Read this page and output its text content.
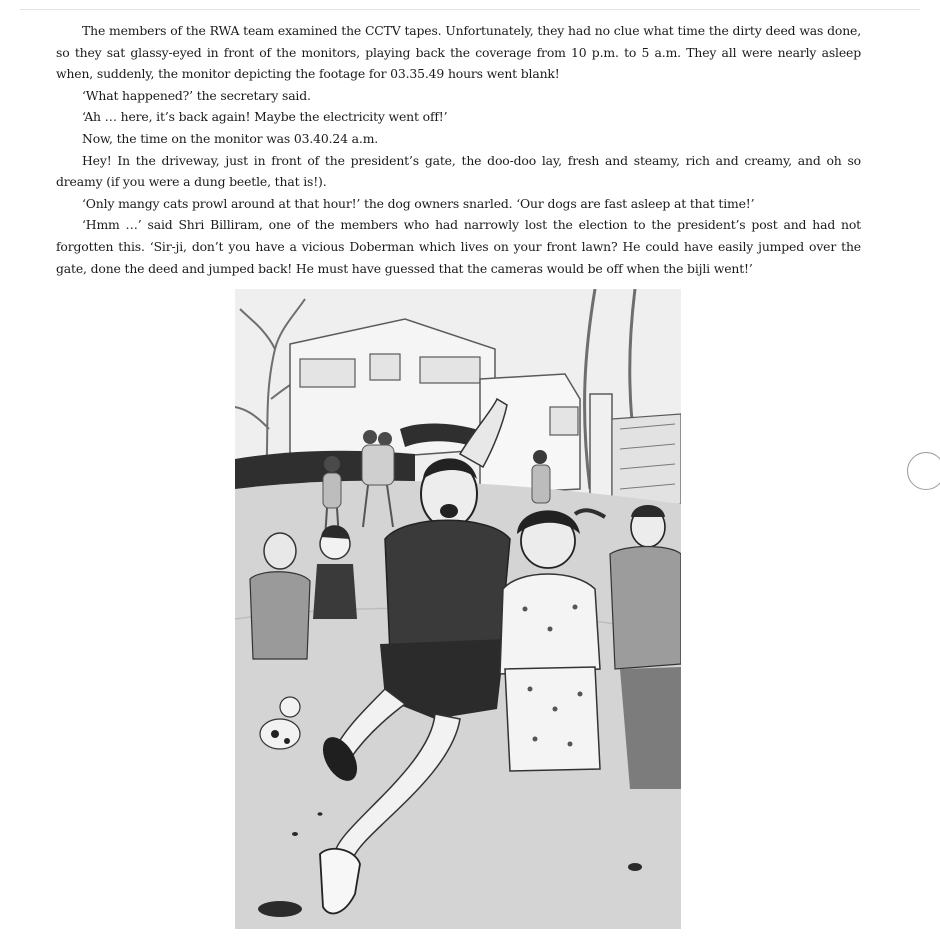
The members of the RWA team examined the CCTV tapes. Unfortunately, they had no clue what time the dirty deed was done, so they sat glassy-eyed in front of the monitors, playing back the coverage from 10 p.m. to 5 a.m. They all were nearly asleep when, suddenly, the monitor depicting the footage for 03.35.49 hours went blank!

‘What happened?’ the secretary said.

‘Ah … here, it’s back again! Maybe the electricity went off!’

Now, the time on the monitor was 03.40.24 a.m.

Hey! In the driveway, just in front of the president’s gate, the doo-doo lay, fresh and steamy, rich and creamy, and oh so dreamy (if you were a dung beetle, that is!).

‘Only mangy cats prowl around at that hour!’ the dog owners snarled. ‘Our dogs are fast asleep at that time!’

‘Hmm …’ said Shri Billiram, one of the members who had narrowly lost the election to the president’s post and had not forgotten this. ‘Sir-ji, don’t you have a vicious Doberman which lives on your front lawn? He could have easily jumped over the gate, done the deed and jumped back! He must have guessed that the cameras would be off when the bijli went!’
